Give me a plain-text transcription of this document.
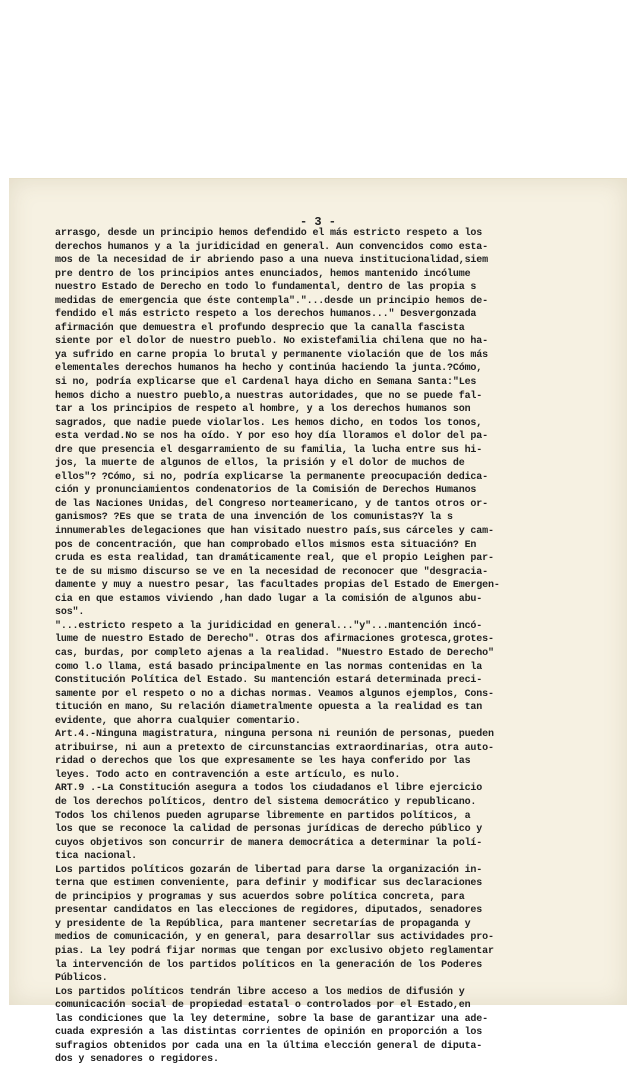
- 3 -
arrasgo, desde un principio hemos defendido el más estricto respeto a los
derechos humanos y a la juridicidad en general. Aun convencidos como esta-
mos de la necesidad de ir abriendo paso a una nueva institucionalidad,siem
pre dentro de los principios antes enunciados, hemos mantenido incólume
nuestro Estado de Derecho en todo lo fundamental, dentro de las propia s
medidas de emergencia que éste contempla"."...desde un principio hemos de-
fendido el más estricto respeto a los derechos humanos..." Desvergonzada
afirmación que demuestra el profundo desprecio que la canalla fascista
siente por el dolor de nuestro pueblo. No existefamilia chilena que no ha-
ya sufrido en carne propia lo brutal y permanente violación que de los más
elementales derechos humanos ha hecho y continúa haciendo la junta.?Cómo,
si no, podría explicarse que el Cardenal haya dicho en Semana Santa:"Les
hemos dicho a nuestro pueblo,a nuestras autoridades, que no se puede fal-
tar a los principios de respeto al hombre, y a los derechos humanos son
sagrados, que nadie puede violarlos. Les hemos dicho, en todos los tonos,
esta verdad.No se nos ha oído. Y por eso hoy día lloramos el dolor del pa-
dre que presencia el desgarramiento de su familia, la lucha entre sus hi-
jos, la muerte de algunos de ellos, la prisión y el dolor de muchos de
ellos"? ?Cómo, si no, podría explicarse la permanente preocupación dedica-
ción y pronunciamientos condenatorios de la Comisión de Derechos Humanos
de las Naciones Unidas, del Congreso norteamericano, y de tantos otros or-
ganismos? ?Es que se trata de una invención de los comunistas?Y la s
innumerables delegaciones que han visitado nuestro país,sus cárceles y cam-
pos de concentración, que han comprobado ellos mismos esta situación? En
cruda es esta realidad, tan dramáticamente real, que el propio Leighen par-
te de su mismo discurso se ve en la necesidad de reconocer que "desgracia-
damente y muy a nuestro pesar, las facultades propias del Estado de Emergen-
cia en que estamos viviendo ,han dado lugar a la comisión de algunos abu-
sos".
"...estricto respeto a la juridicidad en general..."y"...mantención incó-
lume de nuestro Estado de Derecho". Otras dos afirmaciones grotesca,grotes-
cas, burdas, por completo ajenas a la realidad. "Nuestro Estado de Derecho"
como l.o llama, está basado principalmente en las normas contenidas en la
Constitución Política del Estado. Su mantención estará determinada preci-
samente por el respeto o no a dichas normas. Veamos algunos ejemplos, Cons-
titución en mano, Su relación diametralmente opuesta a la realidad es tan
evidente, que ahorra cualquier comentario.
Art.4.-Ninguna magistratura, ninguna persona ni reunión de personas, pueden
atribuirse, ni aun a pretexto de circunstancias extraordinarias, otra auto-
ridad o derechos que los que expresamente se les haya conferido por las
leyes. Todo acto en contravención a este artículo, es nulo.
ART.9 .-La Constitución asegura a todos los ciudadanos el libre ejercicio
de los derechos políticos, dentro del sistema democrático y republicano.
Todos los chilenos pueden agruparse libremente en partidos políticos, a
los que se reconoce la calidad de personas jurídicas de derecho público y
cuyos objetivos son concurrir de manera democrática a determinar la polí-
tica nacional.
Los partidos políticos gozarán de libertad para darse la organización in-
terna que estimen conveniente, para definir y modificar sus declaraciones
de principios y programas y sus acuerdos sobre política concreta, para
presentar candidatos en las elecciones de regidores, diputados, senadores
y presidente de la República, para mantener secretarías de propaganda y
medios de comunicación, y en general, para desarrollar sus actividades pro-
pias. La ley podrá fijar normas que tengan por exclusivo objeto reglamentar
la intervención de los partidos políticos en la generación de los Poderes
Públicos.
Los partidos políticos tendrán libre acceso a los medios de difusión y
comunicación social de propiedad estatal o controlados por el Estado,en
las condiciones que la ley determine, sobre la base de garantizar una ade-
cuada expresión a las distintas corrientes de opinión en proporción a los
sufragios obtenidos por cada una en la última elección general de diputa-
dos y senadores o regidores.
